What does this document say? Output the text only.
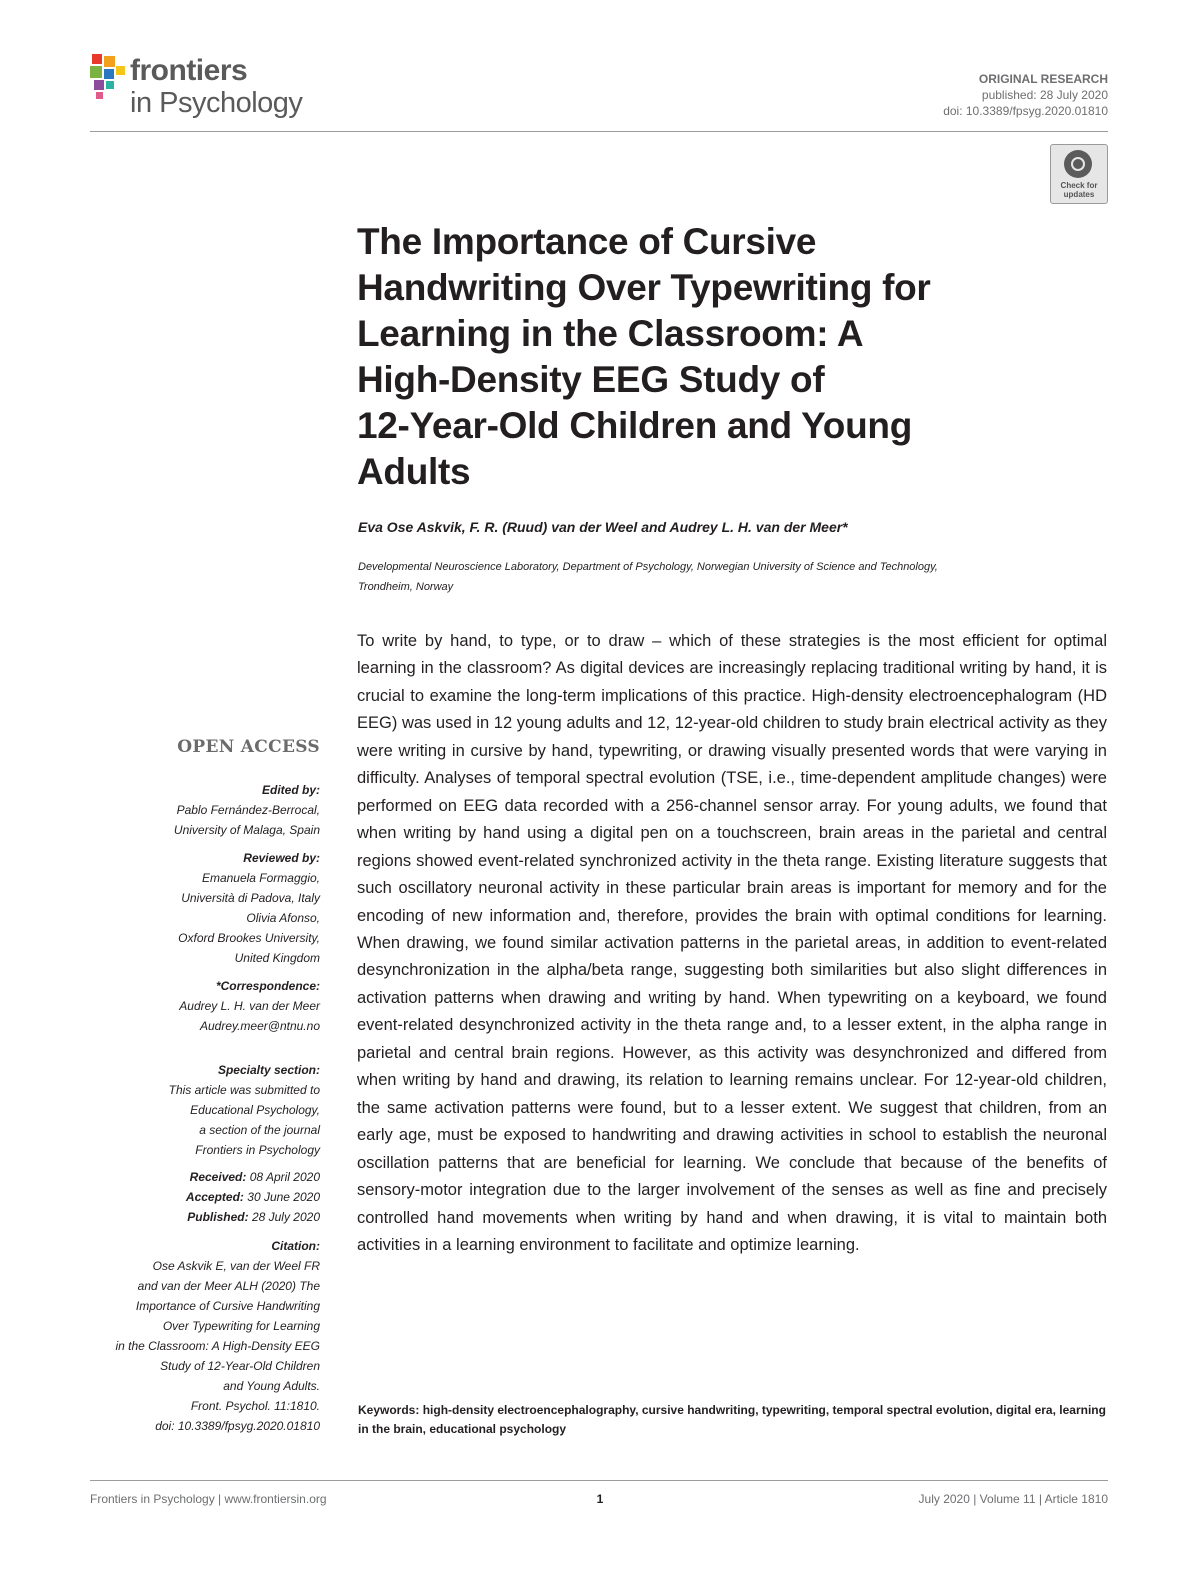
frontiers
in Psychology
ORIGINAL RESEARCH
published: 28 July 2020
doi: 10.3389/fpsyg.2020.01810
Check for updates
The Importance of Cursive
Handwriting Over Typewriting for
Learning in the Classroom: A
High-Density EEG Study of
12-Year-Old Children and Young
Adults
Eva Ose Askvik, F. R. (Ruud) van der Weel and Audrey L. H. van der Meer*
Developmental Neuroscience Laboratory, Department of Psychology, Norwegian University of Science and Technology,
Trondheim, Norway

To write by hand, to type, or to draw – which of these strategies is the most efficient for optimal learning in the classroom? As digital devices are increasingly replacing traditional writing by hand, it is crucial to examine the long-term implications of this practice. High-density electroencephalogram (HD EEG) was used in 12 young adults and 12, 12-year-old children to study brain electrical activity as they were writing in cursive by hand, typewriting, or drawing visually presented words that were varying in difficulty. Analyses of temporal spectral evolution (TSE, i.e., time-dependent amplitude changes) were performed on EEG data recorded with a 256-channel sensor array. For young adults, we found that when writing by hand using a digital pen on a touchscreen, brain areas in the parietal and central regions showed event-related synchronized activity in the theta range. Existing literature suggests that such oscillatory neuronal activity in these particular brain areas is important for memory and for the encoding of new information and, therefore, provides the brain with optimal conditions for learning. When drawing, we found similar activation patterns in the parietal areas, in addition to event-related desynchronization in the alpha/beta range, suggesting both similarities but also slight differences in activation patterns when drawing and writing by hand. When typewriting on a keyboard, we found event-related desynchronized activity in the theta range and, to a lesser extent, in the alpha range in parietal and central brain regions. However, as this activity was desynchronized and differed from when writing by hand and drawing, its relation to learning remains unclear. For 12-year-old children, the same activation patterns were found, but to a lesser extent. We suggest that children, from an early age, must be exposed to handwriting and drawing activities in school to establish the neuronal oscillation patterns that are beneficial for learning. We conclude that because of the benefits of sensory-motor integration due to the larger involvement of the senses as well as fine and precisely controlled hand movements when writing by hand and when drawing, it is vital to maintain both activities in a learning environment to facilitate and optimize learning.

Keywords: high-density electroencephalography, cursive handwriting, typewriting, temporal spectral evolution, digital era, learning in the brain, educational psychology
OPEN ACCESS
Edited by:
Pablo Fernández-Berrocal,
University of Malaga, Spain
Reviewed by:
Emanuela Formaggio,
Università di Padova, Italy
Olivia Afonso,
Oxford Brookes University,
United Kingdom
*Correspondence:
Audrey L. H. van der Meer
Audrey.meer@ntnu.no
Specialty section:
This article was submitted to
Educational Psychology,
a section of the journal
Frontiers in Psychology
Received: 08 April 2020
Accepted: 30 June 2020
Published: 28 July 2020
Citation:
Ose Askvik E, van der Weel FR
and van der Meer ALH (2020) The
Importance of Cursive Handwriting
Over Typewriting for Learning
in the Classroom: A High-Density EEG
Study of 12-Year-Old Children
and Young Adults.
Front. Psychol. 11:1810.
doi: 10.3389/fpsyg.2020.01810
Frontiers in Psychology | www.frontiersin.org	1	July 2020 | Volume 11 | Article 1810
